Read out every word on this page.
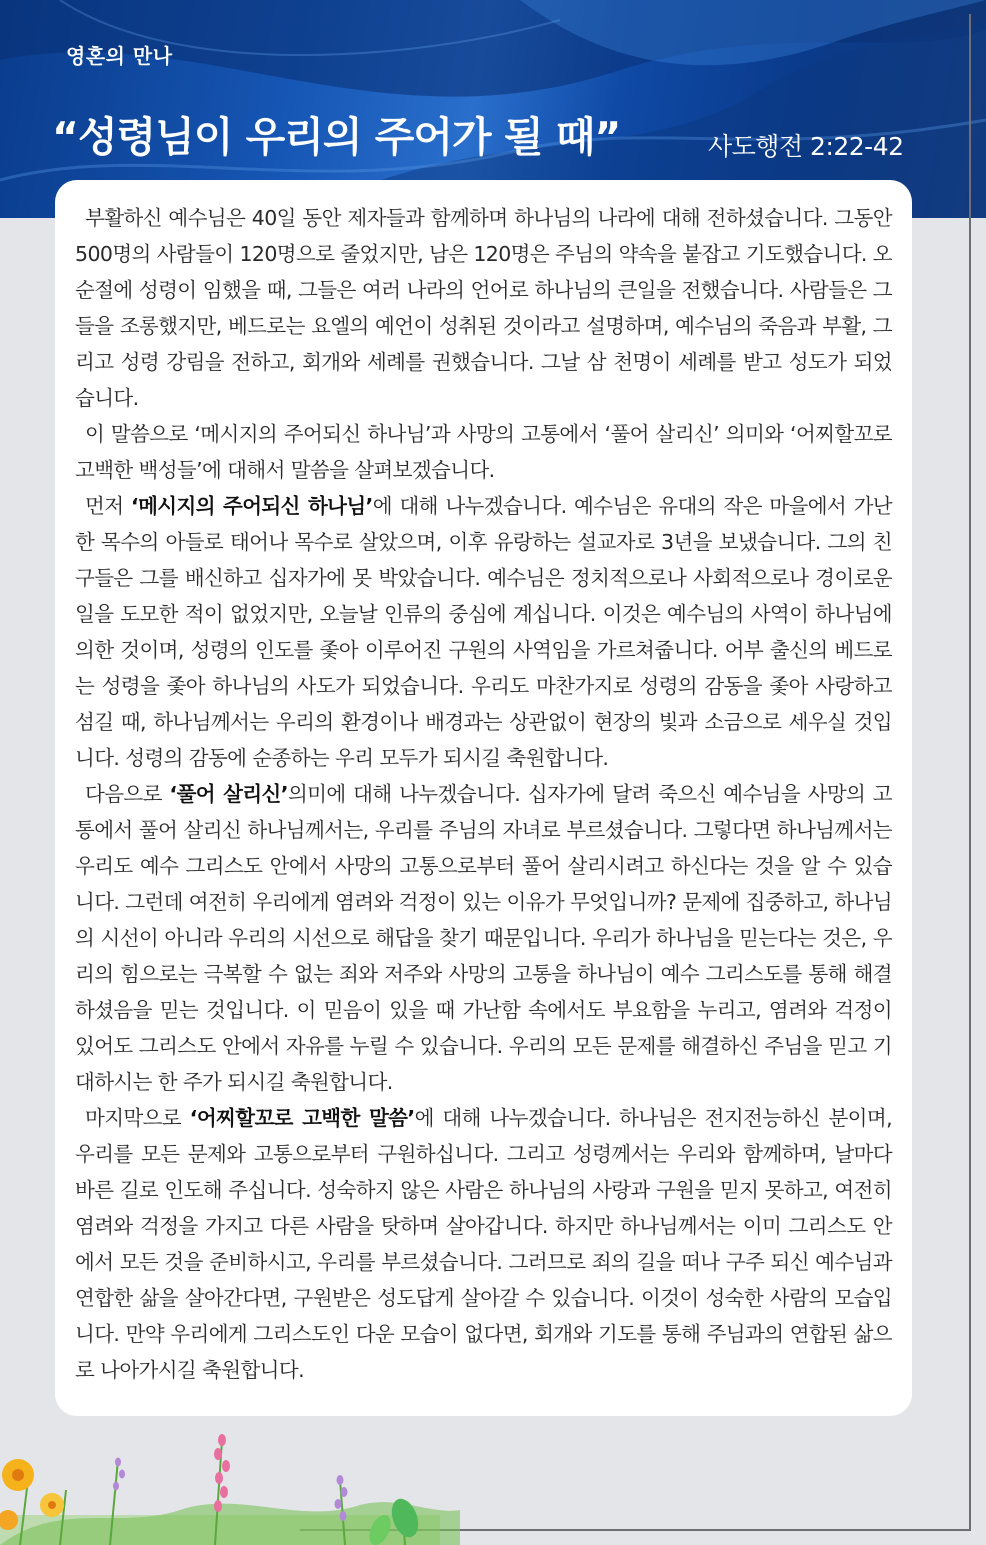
영혼의 만나
“성령님이 우리의 주어가 될 때”	사도행전 2:22-42

부활하신 예수님은 40일 동안 제자들과 함께하며 하나님의 나라에 대해 전하셨습니다. 그동안 500명의 사람들이 120명으로 줄었지만, 남은 120명은 주님의 약속을 붙잡고 기도했습니다. 오순절에 성령이 임했을 때, 그들은 여러 나라의 언어로 하나님의 큰일을 전했습니다. 사람들은 그들을 조롱했지만, 베드로는 요엘의 예언이 성취된 것이라고 설명하며, 예수님의 죽음과 부활, 그리고 성령 강림을 전하고, 회개와 세례를 권했습니다. 그날 삼 천명이 세례를 받고 성도가 되었습니다.

이 말씀으로 ‘메시지의 주어되신 하나님’과 사망의 고통에서 ‘풀어 살리신’ 의미와 ‘어찌할꼬로 고백한 백성들’에 대해서 말씀을 살펴보겠습니다.

먼저 ‘메시지의 주어되신 하나님’에 대해 나누겠습니다. 예수님은 유대의 작은 마을에서 가난한 목수의 아들로 태어나 목수로 살았으며, 이후 유랑하는 설교자로 3년을 보냈습니다. 그의 친구들은 그를 배신하고 십자가에 못 박았습니다. 예수님은 정치적으로나 사회적으로나 경이로운 일을 도모한 적이 없었지만, 오늘날 인류의 중심에 계십니다. 이것은 예수님의 사역이 하나님에 의한 것이며, 성령의 인도를 좇아 이루어진 구원의 사역임을 가르쳐줍니다. 어부 출신의 베드로는 성령을 좇아 하나님의 사도가 되었습니다. 우리도 마찬가지로 성령의 감동을 좇아 사랑하고 섬길 때, 하나님께서는 우리의 환경이나 배경과는 상관없이 현장의 빛과 소금으로 세우실 것입니다. 성령의 감동에 순종하는 우리 모두가 되시길 축원합니다.

다음으로 ‘풀어 살리신’의미에 대해 나누겠습니다. 십자가에 달려 죽으신 예수님을 사망의 고통에서 풀어 살리신 하나님께서는, 우리를 주님의 자녀로 부르셨습니다. 그렇다면 하나님께서는 우리도 예수 그리스도 안에서 사망의 고통으로부터 풀어 살리시려고 하신다는 것을 알 수 있습니다. 그런데 여전히 우리에게 염려와 걱정이 있는 이유가 무엇입니까? 문제에 집중하고, 하나님의 시선이 아니라 우리의 시선으로 해답을 찾기 때문입니다. 우리가 하나님을 믿는다는 것은, 우리의 힘으로는 극복할 수 없는 죄와 저주와 사망의 고통을 하나님이 예수 그리스도를 통해 해결하셨음을 믿는 것입니다. 이 믿음이 있을 때 가난함 속에서도 부요함을 누리고, 염려와 걱정이 있어도 그리스도 안에서 자유를 누릴 수 있습니다. 우리의 모든 문제를 해결하신 주님을 믿고 기대하시는 한 주가 되시길 축원합니다.

마지막으로 ‘어찌할꼬로 고백한 말씀’에 대해 나누겠습니다. 하나님은 전지전능하신 분이며, 우리를 모든 문제와 고통으로부터 구원하십니다. 그리고 성령께서는 우리와 함께하며, 날마다 바른 길로 인도해 주십니다. 성숙하지 않은 사람은 하나님의 사랑과 구원을 믿지 못하고, 여전히 염려와 걱정을 가지고 다른 사람을 탓하며 살아갑니다. 하지만 하나님께서는 이미 그리스도 안에서 모든 것을 준비하시고, 우리를 부르셨습니다. 그러므로 죄의 길을 떠나 구주 되신 예수님과 연합한 삶을 살아간다면, 구원받은 성도답게 살아갈 수 있습니다. 이것이 성숙한 사람의 모습입니다. 만약 우리에게 그리스도인 다운 모습이 없다면, 회개와 기도를 통해 주님과의 연합된 삶으로 나아가시길 축원합니다.
